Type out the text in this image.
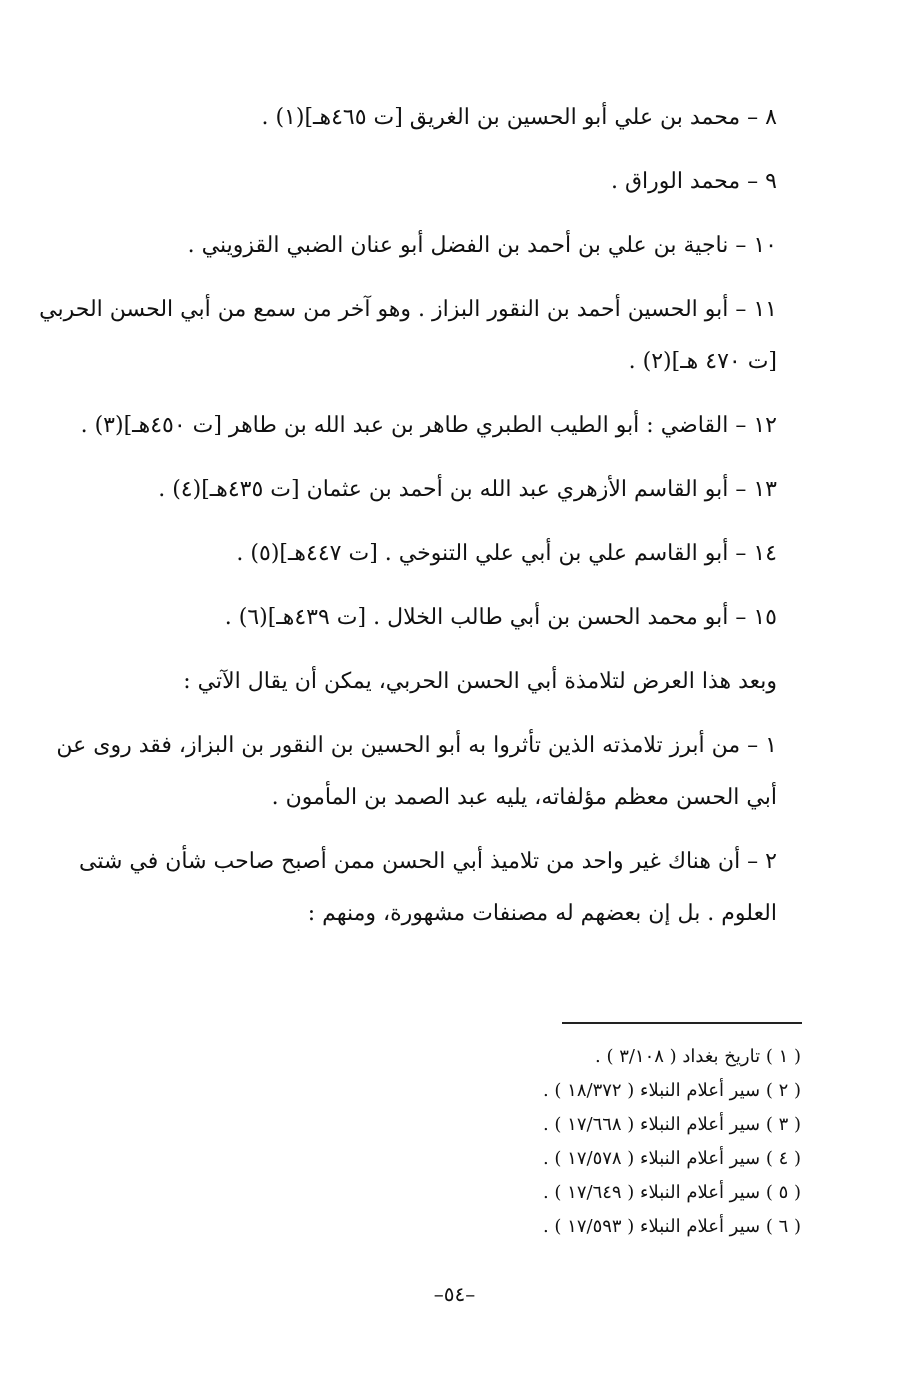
٨ – محمد بن علي أبو الحسين بن الغريق [ت ٤٦٥هـ](١) .

٩ – محمد الوراق .

١٠ – ناجية بن علي بن أحمد بن الفضل أبو عنان الضبي القزويني .

١١ – أبو الحسين أحمد بن النقور البزاز . وهو آخر من سمع من أبي الحسن الحربي [ت ٤٧٠ هـ](٢) .

١٢ – القاضي : أبو الطيب الطبري طاهر بن عبد الله بن طاهر [ت ٤٥٠هـ](٣) .

١٣ – أبو القاسم الأزهري عبد الله بن أحمد بن عثمان [ت ٤٣٥هـ](٤) .

١٤ – أبو القاسم علي بن أبي علي التنوخي . [ت ٤٤٧هـ](٥) .

١٥ – أبو محمد الحسن بن أبي طالب الخلال . [ت ٤٣٩هـ](٦) .

وبعد هذا العرض لتلامذة أبي الحسن الحربي، يمكن أن يقال الآتي :

١ – من أبرز تلامذته الذين تأثروا به أبو الحسين بن النقور بن البزاز، فقد روى عن أبي الحسن معظم مؤلفاته، يليه عبد الصمد بن المأمون .

٢ – أن هناك غير واحد من تلاميذ أبي الحسن ممن أصبح صاحب شأن في شتى العلوم . بل إن بعضهم له مصنفات مشهورة، ومنهم :

( ١ ) تاريخ بغداد ( ٣/١٠٨ ) .

( ٢ ) سير أعلام النبلاء ( ١٨/٣٧٢ ) .

( ٣ ) سير أعلام النبلاء ( ١٧/٦٦٨ ) .

( ٤ ) سير أعلام النبلاء ( ١٧/٥٧٨ ) .

( ٥ ) سير أعلام النبلاء ( ١٧/٦٤٩ ) .

( ٦ ) سير أعلام النبلاء ( ١٧/٥٩٣ ) .

–٥٤–
